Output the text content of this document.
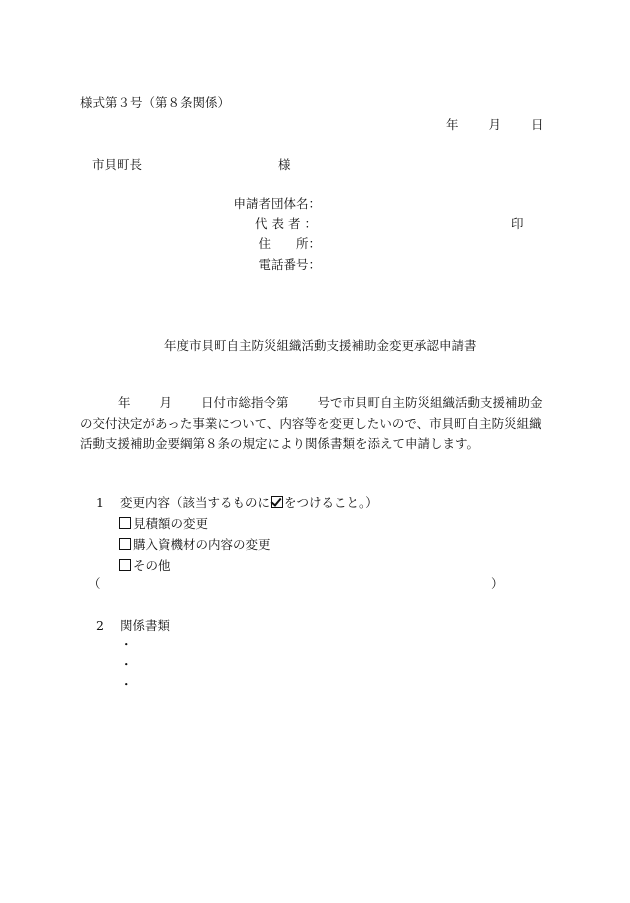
様式第３号（第８条関係）
年 月 日
市貝町長	様
申請者団体名：
代表者：	印
住　　所：
電話番号：
年度市貝町自主防災組織活動支援補助金変更承認申請書
年 月 日付市総指令第 号で市貝町自主防災組織活動支援補助金の交付決定があった事業について、内容等を変更したいので、市貝町自主防災組織活動支援補助金要綱第８条の規定により関係書類を添えて申請します。
1 変更内容（該当するものに をつけること。）
見積額の変更
購入資機材の内容の変更
その他
（	）
2 関係書類
・
・
・
